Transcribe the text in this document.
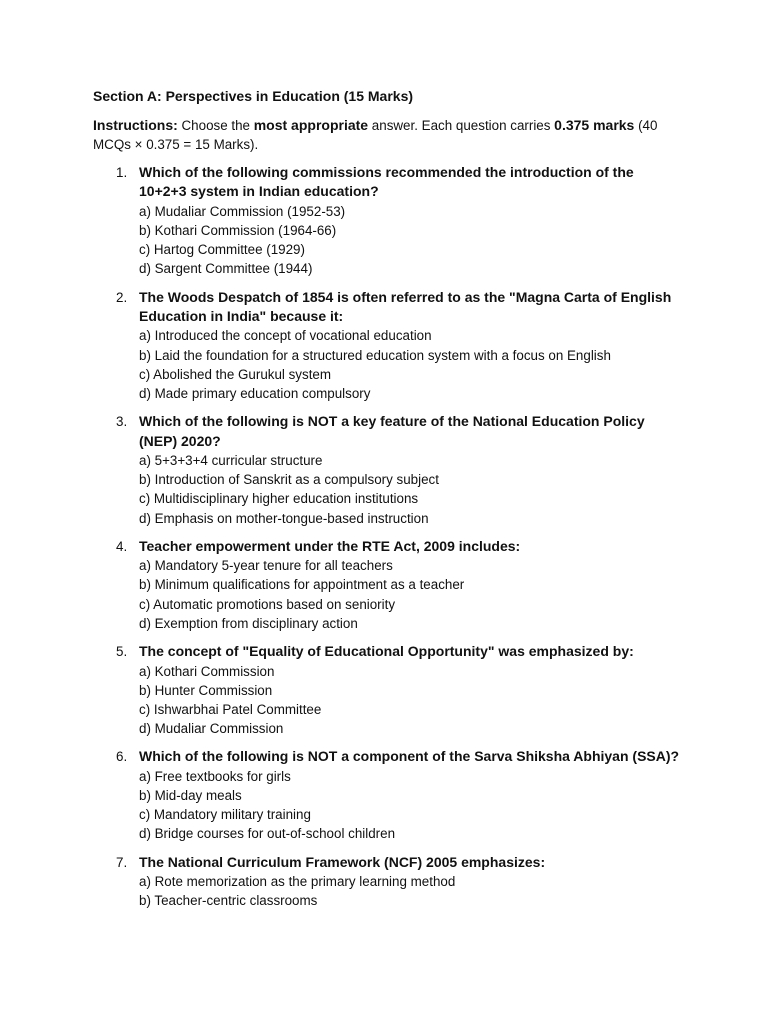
Section A: Perspectives in Education (15 Marks)
Instructions: Choose the most appropriate answer. Each question carries 0.375 marks (40 MCQs × 0.375 = 15 Marks).
1. Which of the following commissions recommended the introduction of the 10+2+3 system in Indian education?
a) Mudaliar Commission (1952-53)
b) Kothari Commission (1964-66)
c) Hartog Committee (1929)
d) Sargent Committee (1944)
2. The Woods Despatch of 1854 is often referred to as the "Magna Carta of English Education in India" because it:
a) Introduced the concept of vocational education
b) Laid the foundation for a structured education system with a focus on English
c) Abolished the Gurukul system
d) Made primary education compulsory
3. Which of the following is NOT a key feature of the National Education Policy (NEP) 2020?
a) 5+3+3+4 curricular structure
b) Introduction of Sanskrit as a compulsory subject
c) Multidisciplinary higher education institutions
d) Emphasis on mother-tongue-based instruction
4. Teacher empowerment under the RTE Act, 2009 includes:
a) Mandatory 5-year tenure for all teachers
b) Minimum qualifications for appointment as a teacher
c) Automatic promotions based on seniority
d) Exemption from disciplinary action
5. The concept of "Equality of Educational Opportunity" was emphasized by:
a) Kothari Commission
b) Hunter Commission
c) Ishwarbhai Patel Committee
d) Mudaliar Commission
6. Which of the following is NOT a component of the Sarva Shiksha Abhiyan (SSA)?
a) Free textbooks for girls
b) Mid-day meals
c) Mandatory military training
d) Bridge courses for out-of-school children
7. The National Curriculum Framework (NCF) 2005 emphasizes:
a) Rote memorization as the primary learning method
b) Teacher-centric classrooms
